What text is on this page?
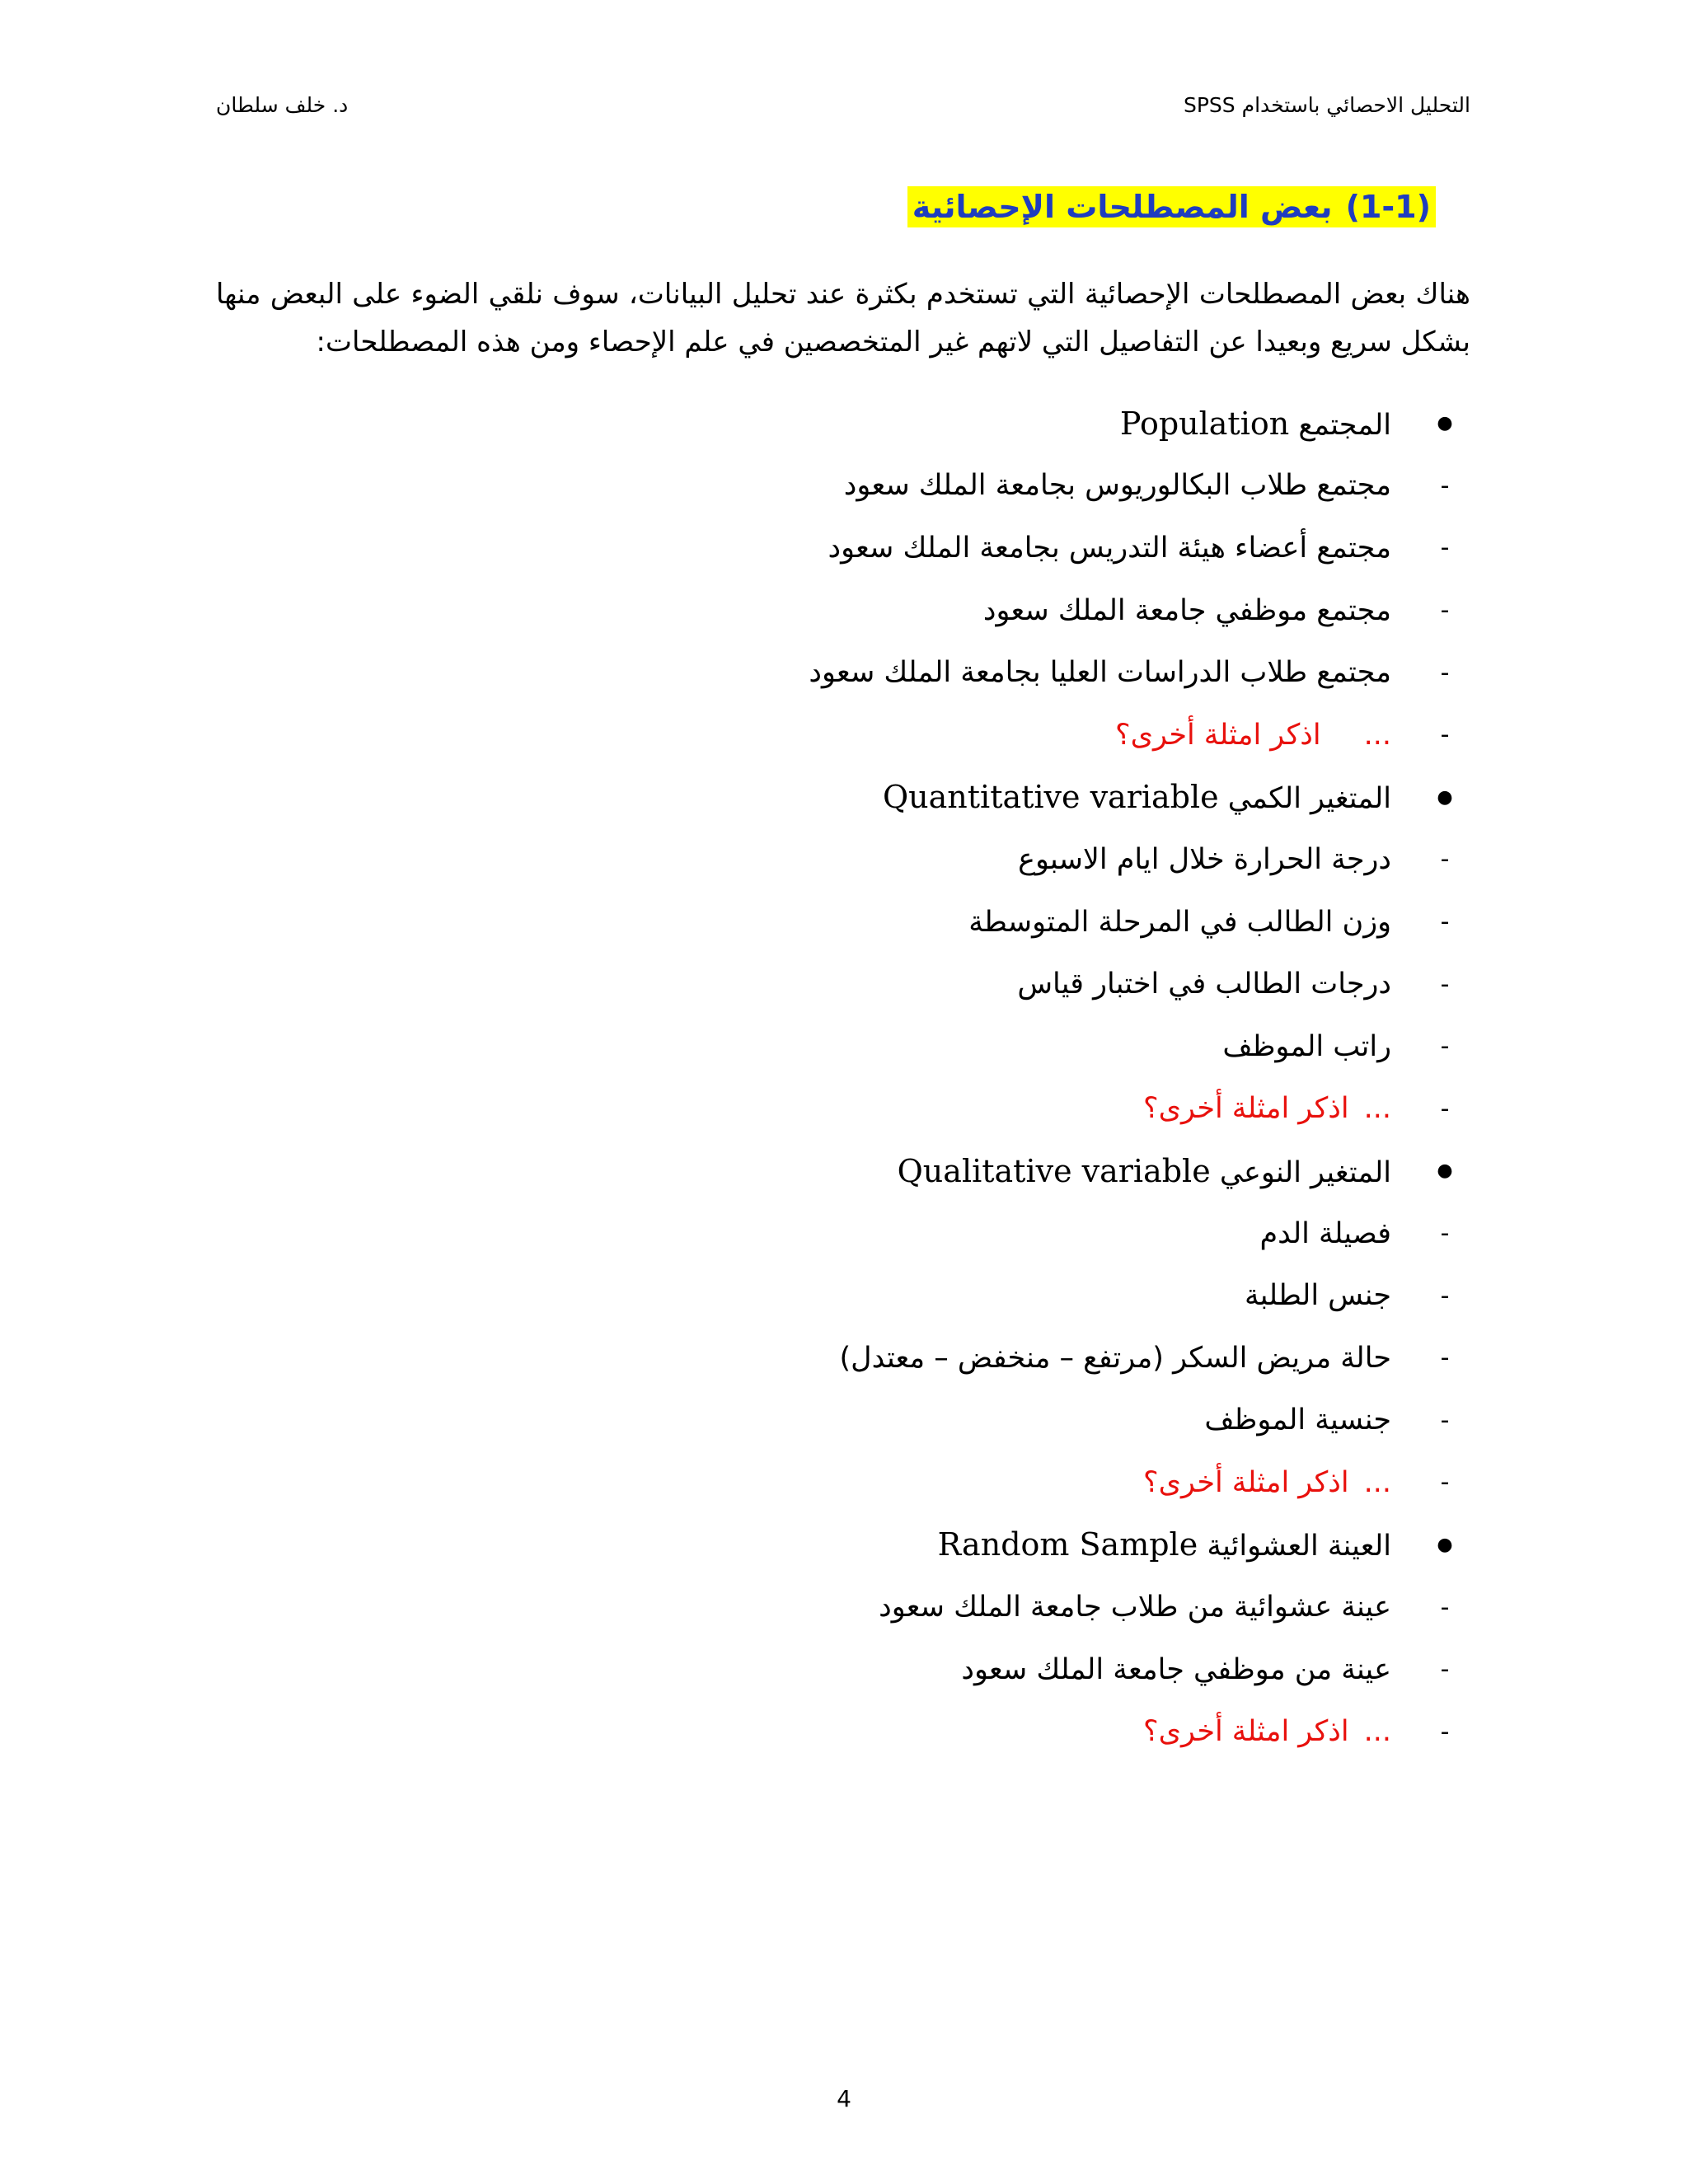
التحليل الاحصائي باستخدام SPSS
د. خلف سلطان
(1-1)بعض المصطلحات الإحصائية
هناك بعض المصطلحات الإحصائية التي تستخدم بكثرة عند تحليل البيانات، سوف نلقي الضوء على البعض منها بشكل سريع وبعيدا عن التفاصيل التي لاتهم غير المتخصصين في علم الإحصاء ومن هذه المصطلحات:
●
المجتمع Population
-
مجتمع طلاب البكالوريوس بجامعة الملك سعود
-
مجتمع أعضاء هيئة التدريس بجامعة الملك سعود
-
مجتمع موظفي جامعة الملك سعود
-
مجتمع طلاب الدراسات العليا بجامعة الملك سعود
-
...اذكر امثلة أخرى؟
●
المتغير الكمي Quantitative variable
-
درجة الحرارة خلال ايام الاسبوع
-
وزن الطالب في المرحلة المتوسطة
-
درجات الطالب في اختبار قياس
-
راتب الموظف
-
...اذكر امثلة أخرى؟
●
المتغير النوعي Qualitative variable
-
فصيلة الدم
-
جنس الطلبة
-
حالة مريض السكر (مرتفع – منخفض – معتدل)
-
جنسية الموظف
-
...اذكر امثلة أخرى؟
●
العينة العشوائية Random Sample
-
عينة عشوائية من طلاب جامعة الملك سعود
-
عينة من موظفي جامعة الملك سعود
-
...اذكر امثلة أخرى؟
4
